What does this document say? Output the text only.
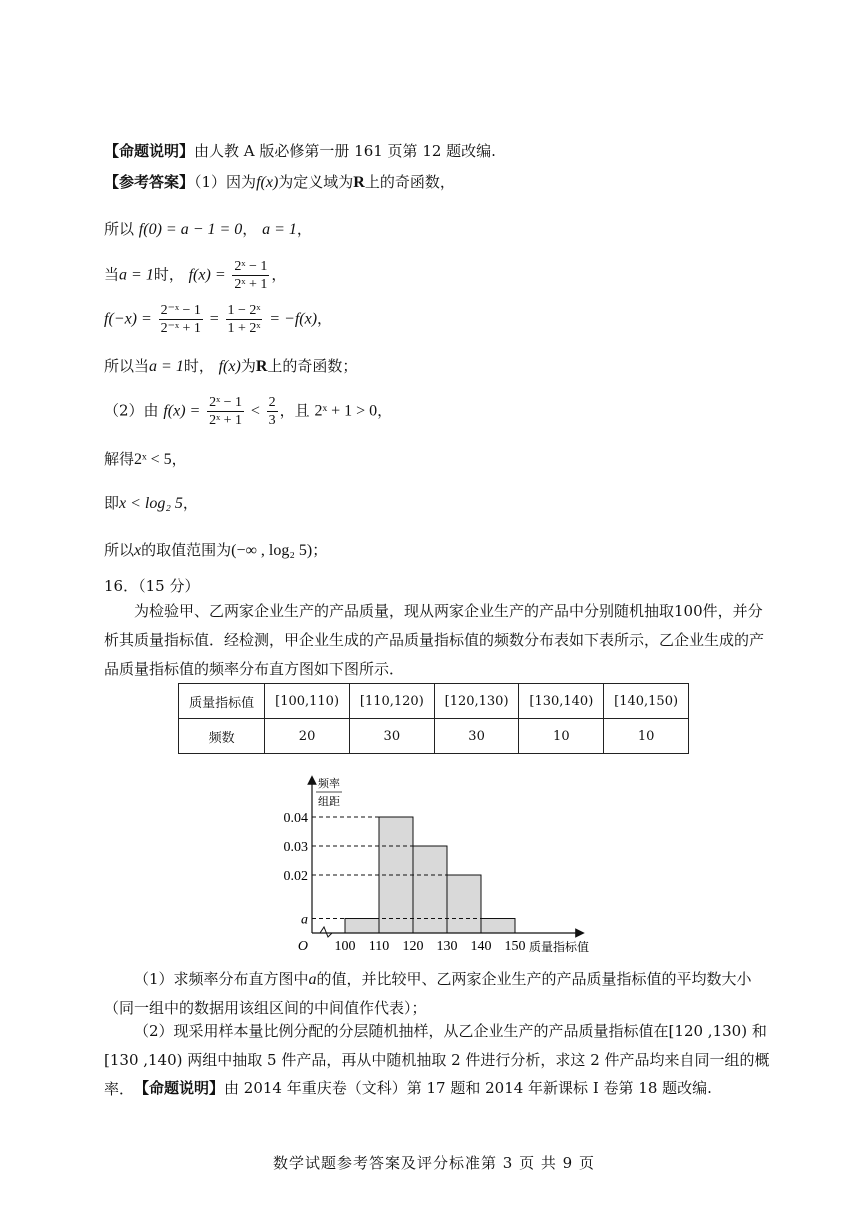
【命题说明】由人教 A 版必修第一册 161 页第 12 题改编.
【参考答案】（1）因为f(x)为定义域为R上的奇函数，
所以 f(0) = a − 1 = 0， a = 1，
当a = 1时， $f(x) = \frac{\text{2ˣ − 1}}{\text{2ˣ + 1}}$ ，
$f(-x) = \frac{\text{2⁻ˣ − 1}}{\text{2⁻ˣ + 1}} = \frac{\text{1 − 2ˣ}}{\text{1 + 2ˣ}} = -f(x)$，
所以当a = 1时， f(x)为R上的奇函数；
（2）由 $f(x) = \frac{\text{2ˣ − 1}}{\text{2ˣ + 1}} < \frac{2}{3}$ ，且 2ˣ + 1 > 0，
解得2ˣ < 5，
即x < log₂ 5，
所以x的取值范围为(−∞ , log₂ 5)；
16．（15 分）
为检验甲、乙两家企业生产的产品质量，现从两家企业生产的产品中分别随机抽取100件，并分析其质量指标值．经检测，甲企业生成的产品质量指标值的频数分布表如下表所示，乙企业生成的产品质量指标值的频率分布直方图如下图所示．
质量指标值	[100,110)	[110,120)	[120,130)	[130,140)	[140,150)
频数	20	30	30	10	10
a
0.02
0.03
0.04
100 110 120 130 140 150
O	质量指标值
频率
组距
（1）求频率分布直方图中a的值，并比较甲、乙两家企业生产的产品质量指标值的平均数大小（同一组中的数据用该组区间的中间值作代表）；
（2）现采用样本量比例分配的分层随机抽样，从乙企业生产的产品质量指标值在[120 ,130) 和[130 ,140) 两组中抽取 5 件产品，再从中随机抽取 2 件进行分析，求这 2 件产品均来自同一组的概率． 【命题说明】由 2014 年重庆卷（文科）第 17 题和 2014 年新课标 Ⅰ 卷第 18 题改编.
数学试题参考答案及评分标准第 3 页 共 9 页
